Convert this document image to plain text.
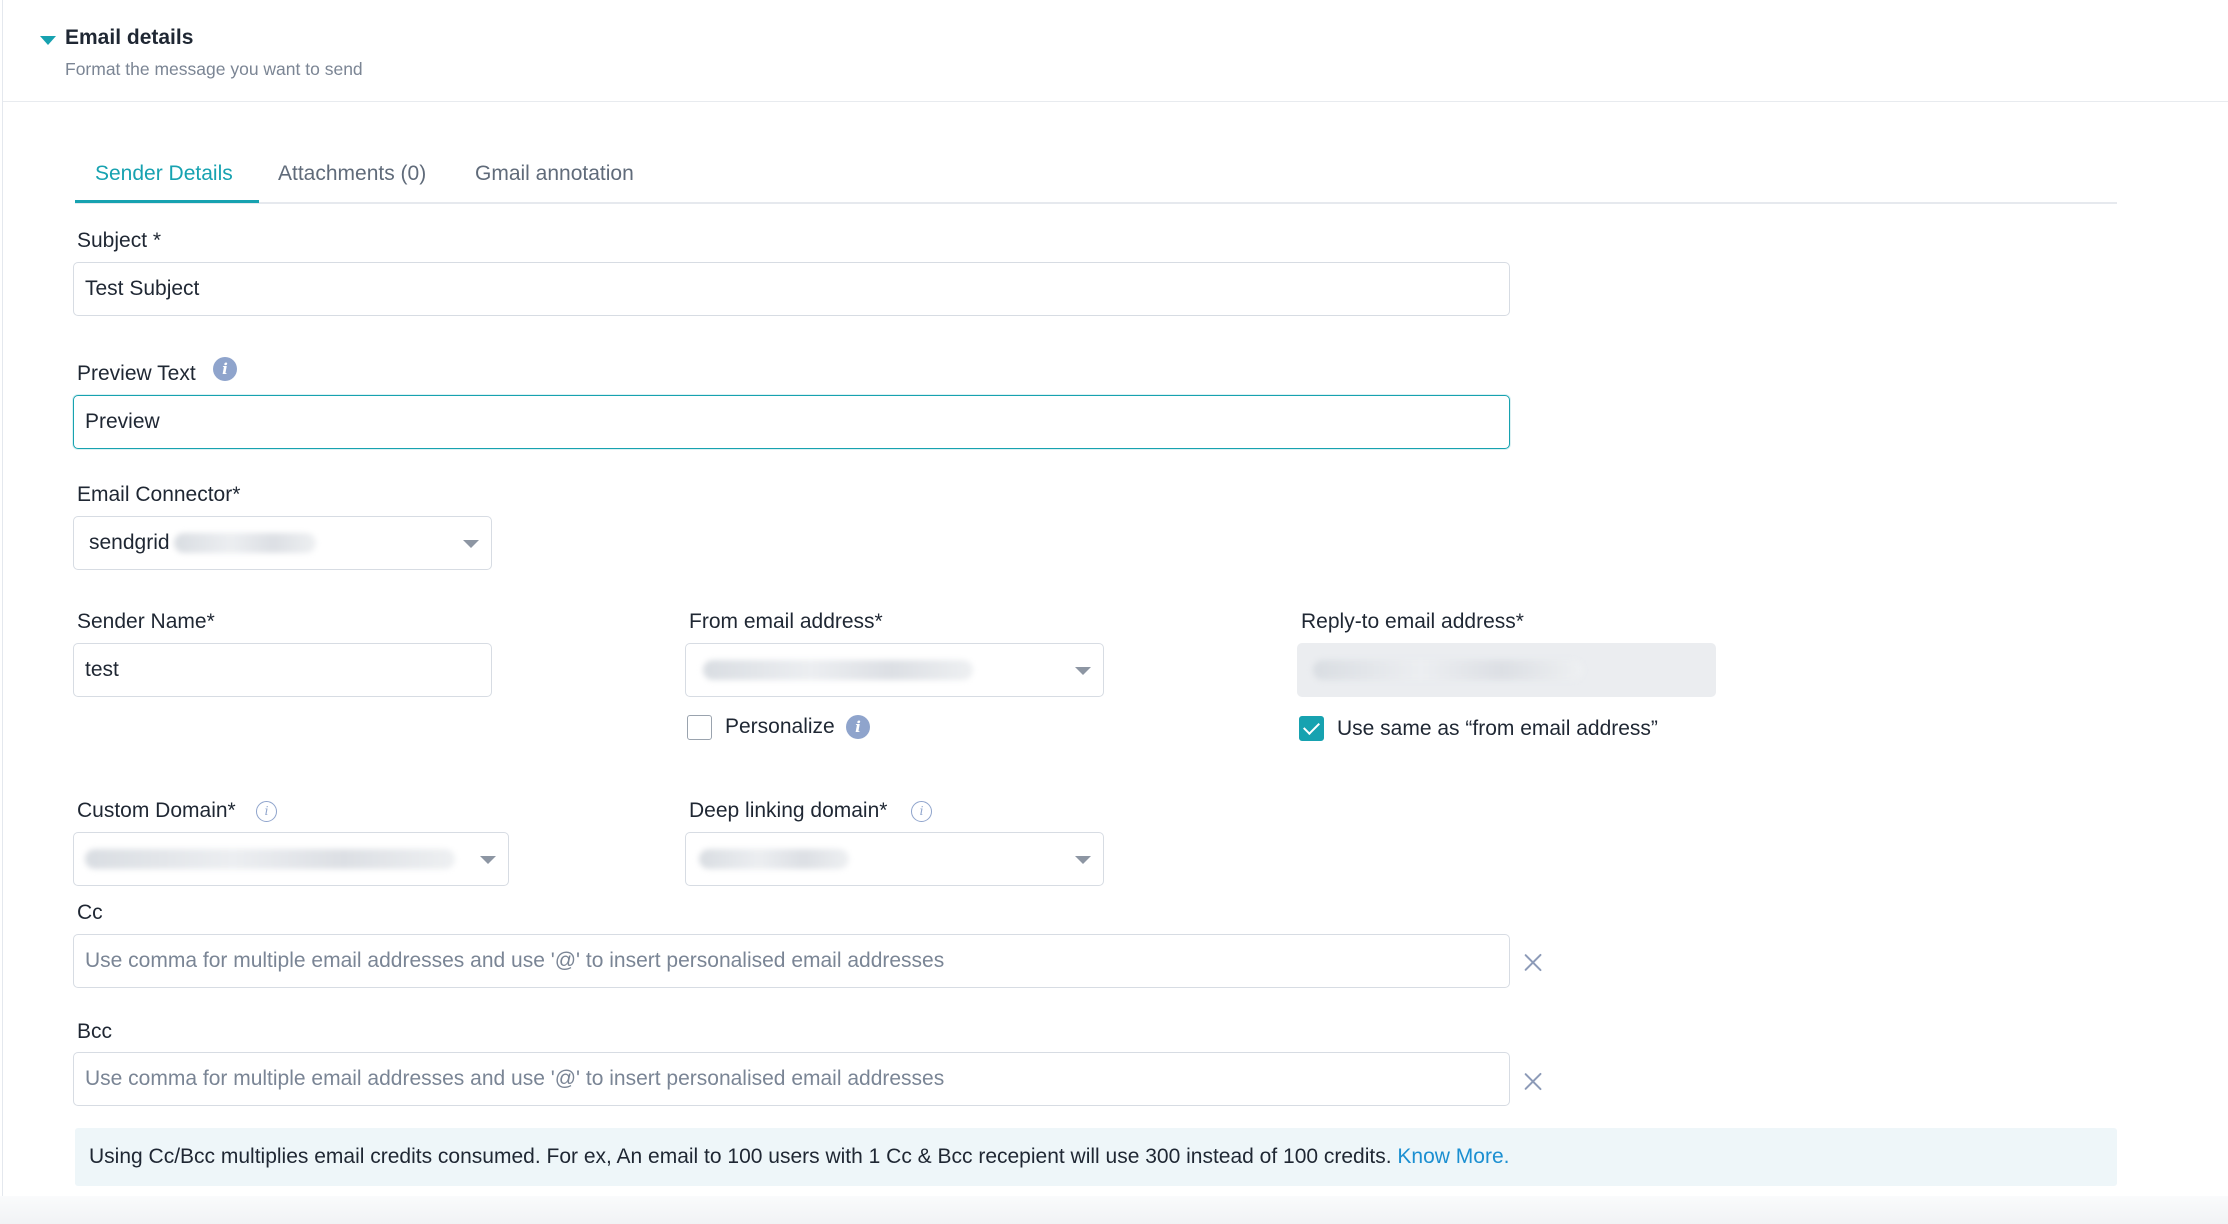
Email details
Format the message you want to send
Sender Details Attachments (0) Gmail annotation
Subject *
Test Subject
Preview Text	i
Preview
Email Connector*
sendgrid
Sender Name*
test
From email address*
Personalize	i
Reply-to email address*
Use same as “from email address”
Custom Domain*	i	Deep linking domain*	i
Cc
Use comma for multiple email addresses and use '@' to insert personalised email addresses
Bcc
Use comma for multiple email addresses and use '@' to insert personalised email addresses
Using Cc/Bcc multiplies email credits consumed. For ex, An email to 100 users with 1 Cc & Bcc recepient will use 300 instead of 100 credits. Know More.
